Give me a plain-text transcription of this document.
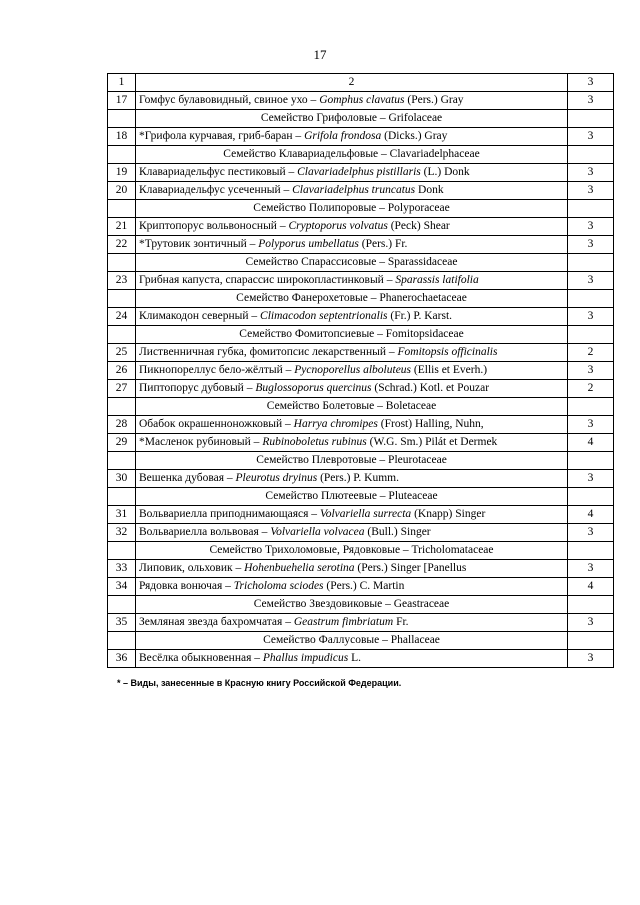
17
1	2	3
17	Гомфус булавовидный, свиное ухо – Gomphus clavatus (Pers.) Gray	3
	Семейство Грифоловые – Grifolaceae	
18	*Грифола курчавая, гриб-баран – Grifola frondosa (Dicks.) Gray	3
	Семейство Клавариадельфовые – Clavariadelphaceae	
19	Клавариадельфус пестиковый – Clavariadelphus pistillaris (L.) Donk	3
20	Клавариадельфус усеченный – Clavariadelphus truncatus Donk	3
	Семейство Полипоровые – Polyporaceae	
21	Криптопорус вольвоносный – Cryptoporus volvatus (Peck) Shear	3
22	*Трутовик зонтичный – Polyporus umbellatus (Pers.) Fr.	3
	Семейство Спарассисовые – Sparassidaceae	
23	Грибная капуста, спарассис широкопластинковый – Sparassis latifolia	3
	Семейство Фанерохетовые – Phanerochaetaceae	
24	Климакодон северный – Climacodon septentrionalis (Fr.) P. Karst.	3
	Семейство Фомитопсиевые – Fomitopsidaceae	
25	Лиственничная губка, фомитопсис лекарственный – Fomitopsis officinalis	2
26	Пикнопореллус бело-жёлтый – Pycnoporellus alboluteus (Ellis et Everh.)	3
27	Пиптопорус дубовый – Buglossoporus quercinus (Schrad.) Kotl. et Pouzar	2
	Семейство Болетовые – Boletaceae	
28	Обабок окрашенноножковый – Harrya chromipes (Frost) Halling, Nuhn,	3
29	*Масленок рубиновый – Rubinoboletus rubinus (W.G. Sm.) Pilát et Dermek	4
	Семейство Плевротовые – Pleurotaceae	
30	Вешенка дубовая – Pleurotus dryinus (Pers.) P. Kumm.	3
	Семейство Плютеевые – Pluteaceae	
31	Вольвариелла приподнимающаяся – Volvariella surrecta (Knapp) Singer	4
32	Вольвариелла вольвовая – Volvariella volvacea (Bull.) Singer	3
	Семейство Трихоломовые, Рядовковые – Tricholomataceae	
33	Липовик, ольховик – Hohenbuehelia serotina (Pers.) Singer [Panellus	3
34	Рядовка вонючая – Tricholoma sciodes (Pers.) C. Martin	4
	Семейство Звездовиковые – Geastraceae	
35	Земляная звезда бахромчатая – Geastrum fimbriatum Fr.	3
	Семейство Фаллусовые – Phallaceae	
36	Весёлка обыкновенная – Phallus impudicus L.	3
* – Виды, занесенные в Красную книгу Российской Федерации.
